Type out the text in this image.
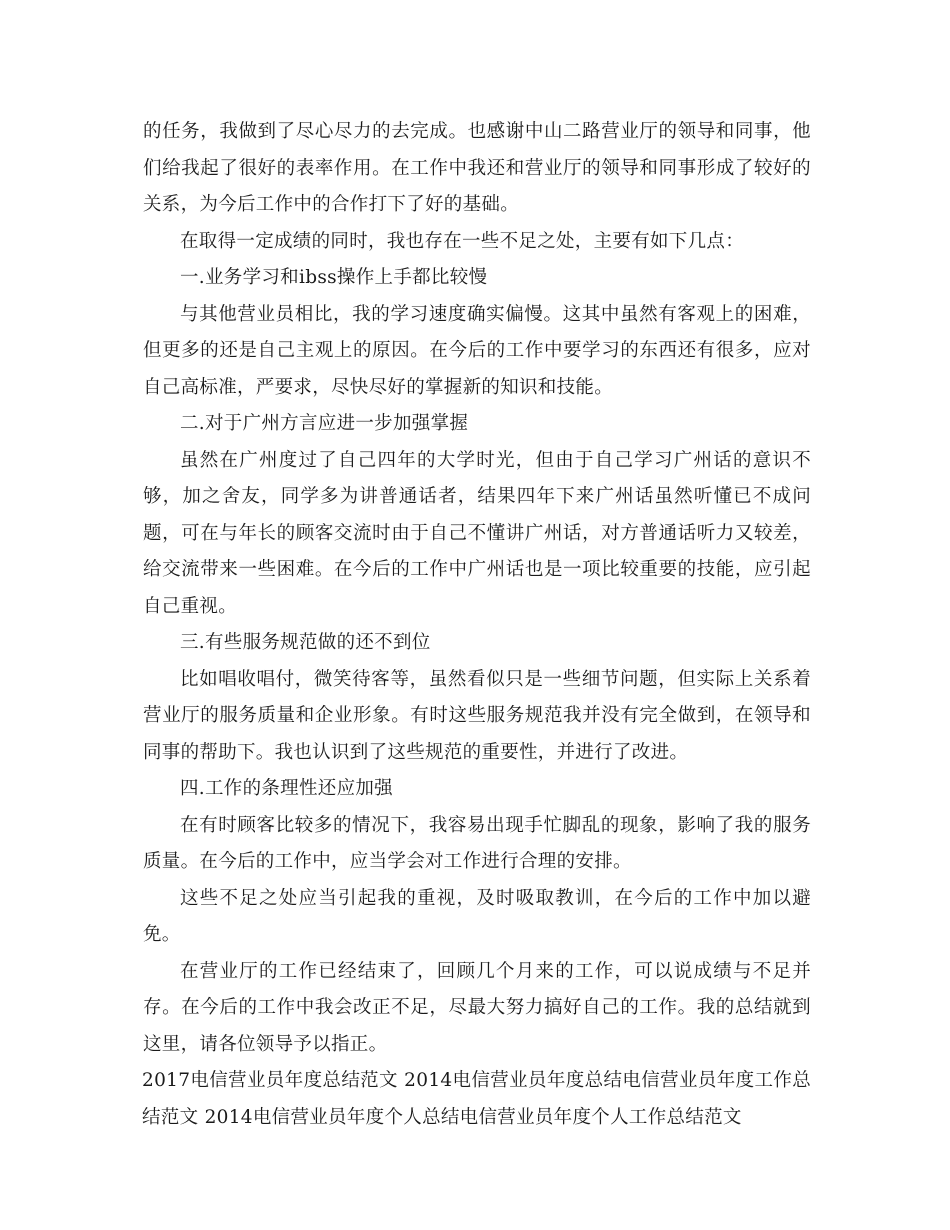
的任务，我做到了尽心尽力的去完成。也感谢中山二路营业厅的领导和同事，他们给我起了很好的表率作用。在工作中我还和营业厅的领导和同事形成了较好的关系，为今后工作中的合作打下了好的基础。

在取得一定成绩的同时，我也存在一些不足之处，主要有如下几点：

一.业务学习和ibss操作上手都比较慢

与其他营业员相比，我的学习速度确实偏慢。这其中虽然有客观上的困难，但更多的还是自己主观上的原因。在今后的工作中要学习的东西还有很多，应对自己高标准，严要求，尽快尽好的掌握新的知识和技能。

二.对于广州方言应进一步加强掌握

虽然在广州度过了自己四年的大学时光，但由于自己学习广州话的意识不够，加之舍友，同学多为讲普通话者，结果四年下来广州话虽然听懂已不成问题，可在与年长的顾客交流时由于自己不懂讲广州话，对方普通话听力又较差，给交流带来一些困难。在今后的工作中广州话也是一项比较重要的技能，应引起自己重视。

三.有些服务规范做的还不到位

比如唱收唱付，微笑待客等，虽然看似只是一些细节问题，但实际上关系着营业厅的服务质量和企业形象。有时这些服务规范我并没有完全做到，在领导和同事的帮助下。我也认识到了这些规范的重要性，并进行了改进。

四.工作的条理性还应加强

在有时顾客比较多的情况下，我容易出现手忙脚乱的现象，影响了我的服务质量。在今后的工作中，应当学会对工作进行合理的安排。

这些不足之处应当引起我的重视，及时吸取教训，在今后的工作中加以避免。

在营业厅的工作已经结束了，回顾几个月来的工作，可以说成绩与不足并存。在今后的工作中我会改正不足，尽最大努力搞好自己的工作。我的总结就到这里，请各位领导予以指正。

2017电信营业员年度总结范文 2014电信营业员年度总结电信营业员年度工作总结范文 2014电信营业员年度个人总结电信营业员年度个人工作总结范文
